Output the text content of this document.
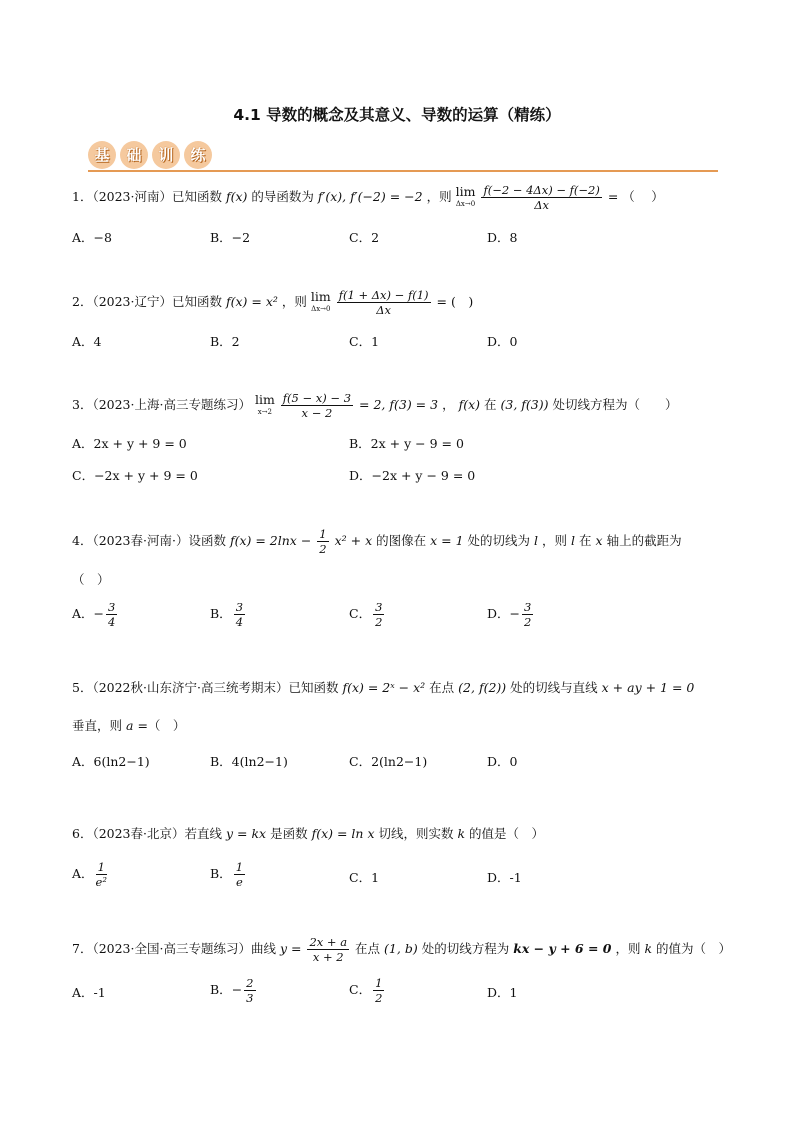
4.1 导数的概念及其意义、导数的运算（精练）
基	础	训	练
1．（2023·河南）已知函数 f(x) 的导函数为 f′(x), f′(−2) = −2 ，则 lim
Δx→0
$\frac{f(-2 - 4\Delta x) - f(-2)}{\Delta x}$ = （　 ）
A．−8	B．−2	C．2	D．8
2．（2023·辽宁）已知函数 f(x) = x² ，则 lim
Δx→0
$\frac{f(1 + \Delta x) - f(1)}{\Delta x}$ = (　)
A．4	B．2	C．1	D．0
3．（2023·上海·高三专题练习） lim
x→2
$\frac{f(5 - x) - 3}{x - 2} = 2$, f(3) = 3 ， f(x) 在 (3, f(3)) 处切线方程为（　　）
A．2x + y + 9 = 0	B．2x + y − 9 = 0
C．−2x + y + 9 = 0	D．−2x + y − 9 = 0
4．（2023春·河南·）设函数 $f(x) = 2\ln x - \frac{1}{2} x^2 + x$ 的图像在 x = 1 处的切线为 l ，则 l 在 x 轴上的截距为
（　）
A．− $\frac{3}{4}$	B． $\frac{3}{4}$	C． $\frac{3}{2}$	D．− $\frac{3}{2}$
5．（2022秋·山东济宁·高三统考期末）已知函数 f(x) = 2ˣ − x² 在点 (2, f(2)) 处的切线与直线 x + ay + 1 = 0
垂直，则 a =（　）
A．6(ln2−1)	B．4(ln2−1)	C．2(ln2−1)	D．0
6．（2023春·北京）若直线 y = kx 是函数 f(x) = ln x 切线，则实数 k 的值是（　）
A． $\frac{1}{\text{e²}}$	B． $\frac{1}{e}$	C．1	D．-1
7．（2023·全国·高三专题练习）曲线 $y = \frac{2x + a}{x + 2}$ 在点 (1, b) 处的切线方程为 kx − y + 6 = 0 ，则 k 的值为（　）
A．-1	B．− $\frac{2}{3}$	C． $\frac{1}{2}$	D．1
